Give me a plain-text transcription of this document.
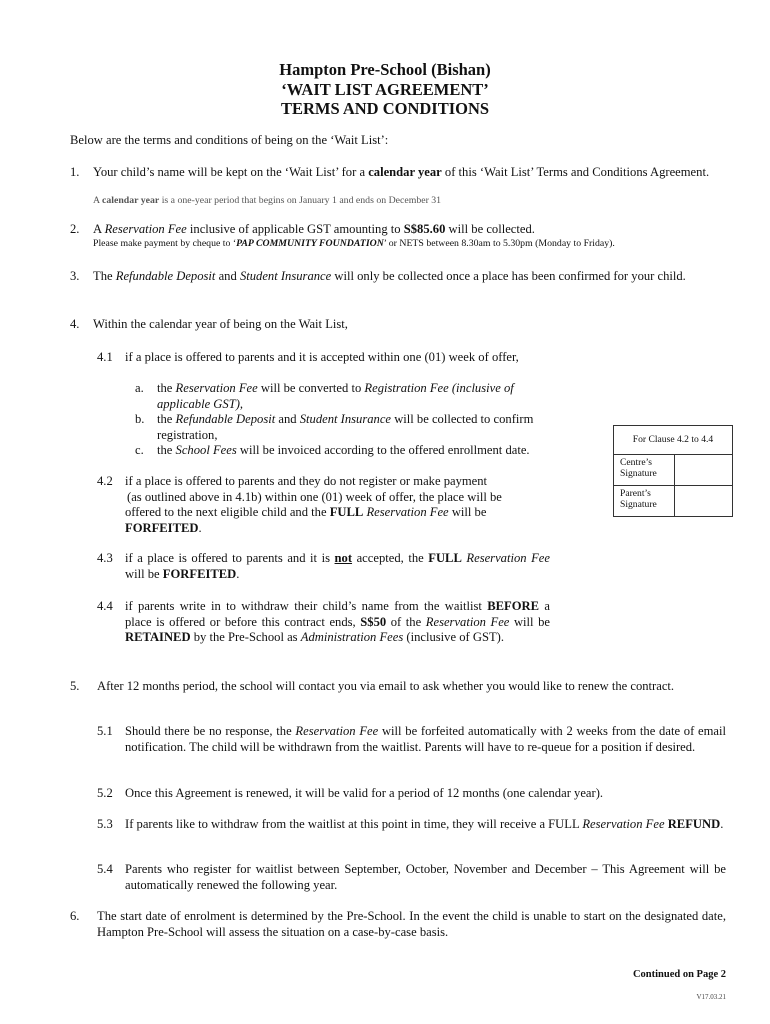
Hampton Pre-School (Bishan)
‘WAIT LIST AGREEMENT’
TERMS AND CONDITIONS
Below are the terms and conditions of being on the ‘Wait List’:
1. Your child’s name will be kept on the ‘Wait List’ for a calendar year of this ‘Wait List’ Terms and Conditions Agreement.
A calendar year is a one-year period that begins on January 1 and ends on December 31
2. A Reservation Fee inclusive of applicable GST amounting to S$85.60 will be collected.
Please make payment by cheque to ‘PAP COMMUNITY FOUNDATION’ or NETS between 8.30am to 5.30pm (Monday to Friday).
3. The Refundable Deposit and Student Insurance will only be collected once a place has been confirmed for your child.
4. Within the calendar year of being on the Wait List,
4.1 if a place is offered to parents and it is accepted within one (01) week of offer,
a. the Reservation Fee will be converted to Registration Fee (inclusive of applicable GST),
b. the Refundable Deposit and Student Insurance will be collected to confirm registration,
c. the School Fees will be invoiced according to the offered enrollment date.
For Clause 4.2 to 4.4	
Centre’s Signature	
Parent’s Signature	
4.2 if a place is offered to parents and they do not register or make payment
(as outlined above in 4.1b) within one (01) week of offer, the place will be
offered to the next eligible child and the FULL Reservation Fee will be
FORFEITED.
4.3 if a place is offered to parents and it is not accepted, the FULL Reservation Fee will be FORFEITED.
4.4 if parents write in to withdraw their child’s name from the waitlist BEFORE a place is offered or before this contract ends, S$50 of the Reservation Fee will be RETAINED by the Pre-School as Administration Fees (inclusive of GST).
5. After 12 months period, the school will contact you via email to ask whether you would like to renew the contract.
5.1 Should there be no response, the Reservation Fee will be forfeited automatically with 2 weeks from the date of email notification. The child will be withdrawn from the waitlist. Parents will have to re-queue for a position if desired.
5.2 Once this Agreement is renewed, it will be valid for a period of 12 months (one calendar year).
5.3 If parents like to withdraw from the waitlist at this point in time, they will receive a FULL Reservation Fee REFUND.
5.4 Parents who register for waitlist between September, October, November and December – This Agreement will be automatically renewed the following year.
6. The start date of enrolment is determined by the Pre-School. In the event the child is unable to start on the designated date, Hampton Pre-School will assess the situation on a case-by-case basis.
Continued on Page 2
V17.03.21
